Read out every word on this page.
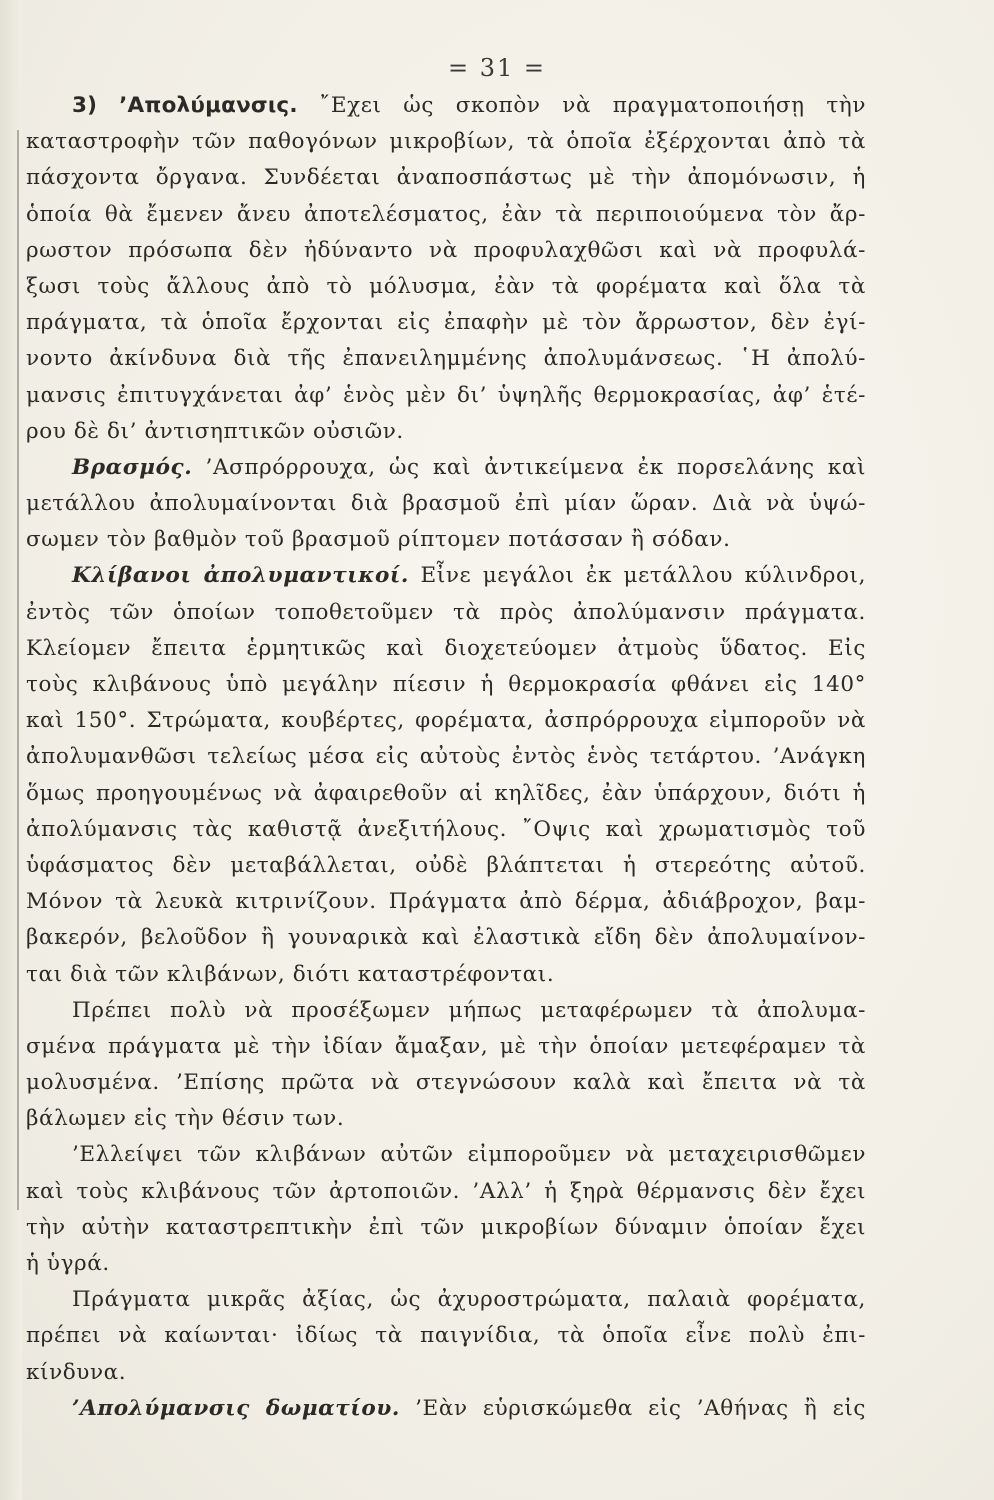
= 31 =
3) ’Απολύμανσις. ῎Εχει ὡς σκοπὸν νὰ πραγματοποιήσῃ τὴν
καταστροφὴν τῶν παθογόνων μικροβίων, τὰ ὁποῖα ἐξέρχονται ἀπὸ τὰ
πάσχοντα ὄργανα. Συνδέεται ἀναποσπάστως μὲ τὴν ἀπομόνωσιν, ἡ
ὁποία θὰ ἔμενεν ἄνευ ἀποτελέσματος, ἐὰν τὰ περιποιούμενα τὸν ἄρ-
ρωστον πρόσωπα δὲν ἠδύναντο νὰ προφυλαχθῶσι καὶ νὰ προφυλά-
ξωσι τοὺς ἄλλους ἀπὸ τὸ μόλυσμα, ἐὰν τὰ φορέματα καὶ ὅλα τὰ
πράγματα, τὰ ὁποῖα ἔρχονται εἰς ἐπαφὴν μὲ τὸν ἄρρωστον, δὲν ἐγί-
νοντο ἀκίνδυνα διὰ τῆς ἐπανειλημμένης ἀπολυμάνσεως. ῾Η ἀπολύ-
μανσις ἐπιτυγχάνεται ἀφ’ ἑνὸς μὲν δι’ ὑψηλῆς θερμοκρασίας, ἀφ’ ἑτέ-
ρου δὲ δι’ ἀντισηπτικῶν οὐσιῶν.
Βρασμός. ’Ασπρόρρουχα, ὡς καὶ ἀντικείμενα ἐκ πορσελάνης καὶ
μετάλλου ἀπολυμαίνονται διὰ βρασμοῦ ἐπὶ μίαν ὥραν. Διὰ νὰ ὑψώ-
σωμεν τὸν βαθμὸν τοῦ βρασμοῦ ρίπτομεν ποτάσσαν ἢ σόδαν.
Κλίβανοι ἀπολυμαντικοί. Εἶνε μεγάλοι ἐκ μετάλλου κύλινδροι,
ἐντὸς τῶν ὁποίων τοποθετοῦμεν τὰ πρὸς ἀπολύμανσιν πράγματα.
Κλείομεν ἔπειτα ἑρμητικῶς καὶ διοχετεύομεν ἀτμοὺς ὕδατος. Εἰς
τοὺς κλιβάνους ὑπὸ μεγάλην πίεσιν ἡ θερμοκρασία φθάνει εἰς 140°
καὶ 150°. Στρώματα, κουβέρτες, φορέματα, ἀσπρόρρουχα εἰμποροῦν νὰ
ἀπολυμανθῶσι τελείως μέσα εἰς αὐτοὺς ἐντὸς ἑνὸς τετάρτου. ’Ανάγκη
ὅμως προηγουμένως νὰ ἀφαιρεθοῦν αἱ κηλῖδες, ἐὰν ὑπάρχουν, διότι ἡ
ἀπολύμανσις τὰς καθιστᾷ ἀνεξιτήλους. ῎Οψις καὶ χρωματισμὸς τοῦ
ὑφάσματος δὲν μεταβάλλεται, οὐδὲ βλάπτεται ἡ στερεότης αὐτοῦ.
Μόνον τὰ λευκὰ κιτρινίζουν. Πράγματα ἀπὸ δέρμα, ἀδιάβροχον, βαμ-
βακερόν, βελοῦδον ἢ γουναρικὰ καὶ ἐλαστικὰ εἴδη δὲν ἀπολυμαίνον-
ται διὰ τῶν κλιβάνων, διότι καταστρέφονται.
Πρέπει πολὺ νὰ προσέξωμεν μήπως μεταφέρωμεν τὰ ἀπολυμα-
σμένα πράγματα μὲ τὴν ἰδίαν ἄμαξαν, μὲ τὴν ὁποίαν μετεφέραμεν τὰ
μολυσμένα. ’Επίσης πρῶτα νὰ στεγνώσουν καλὰ καὶ ἔπειτα νὰ τὰ
βάλωμεν εἰς τὴν θέσιν των.
’Ελλείψει τῶν κλιβάνων αὐτῶν εἰμποροῦμεν νὰ μεταχειρισθῶμεν
καὶ τοὺς κλιβάνους τῶν ἀρτοποιῶν. ’Αλλ’ ἡ ξηρὰ θέρμανσις δὲν ἔχει
τὴν αὐτὴν καταστρεπτικὴν ἐπὶ τῶν μικροβίων δύναμιν ὁποίαν ἔχει
ἡ ὑγρά.
Πράγματα μικρᾶς ἀξίας, ὡς ἀχυροστρώματα, παλαιὰ φορέματα,
πρέπει νὰ καίωνται· ἰδίως τὰ παιγνίδια, τὰ ὁποῖα εἶνε πολὺ ἐπι-
κίνδυνα.
’Απολύμανσις δωματίου. ’Εὰν εὑρισκώμεθα εἰς ’Αθήνας ἢ εἰς
